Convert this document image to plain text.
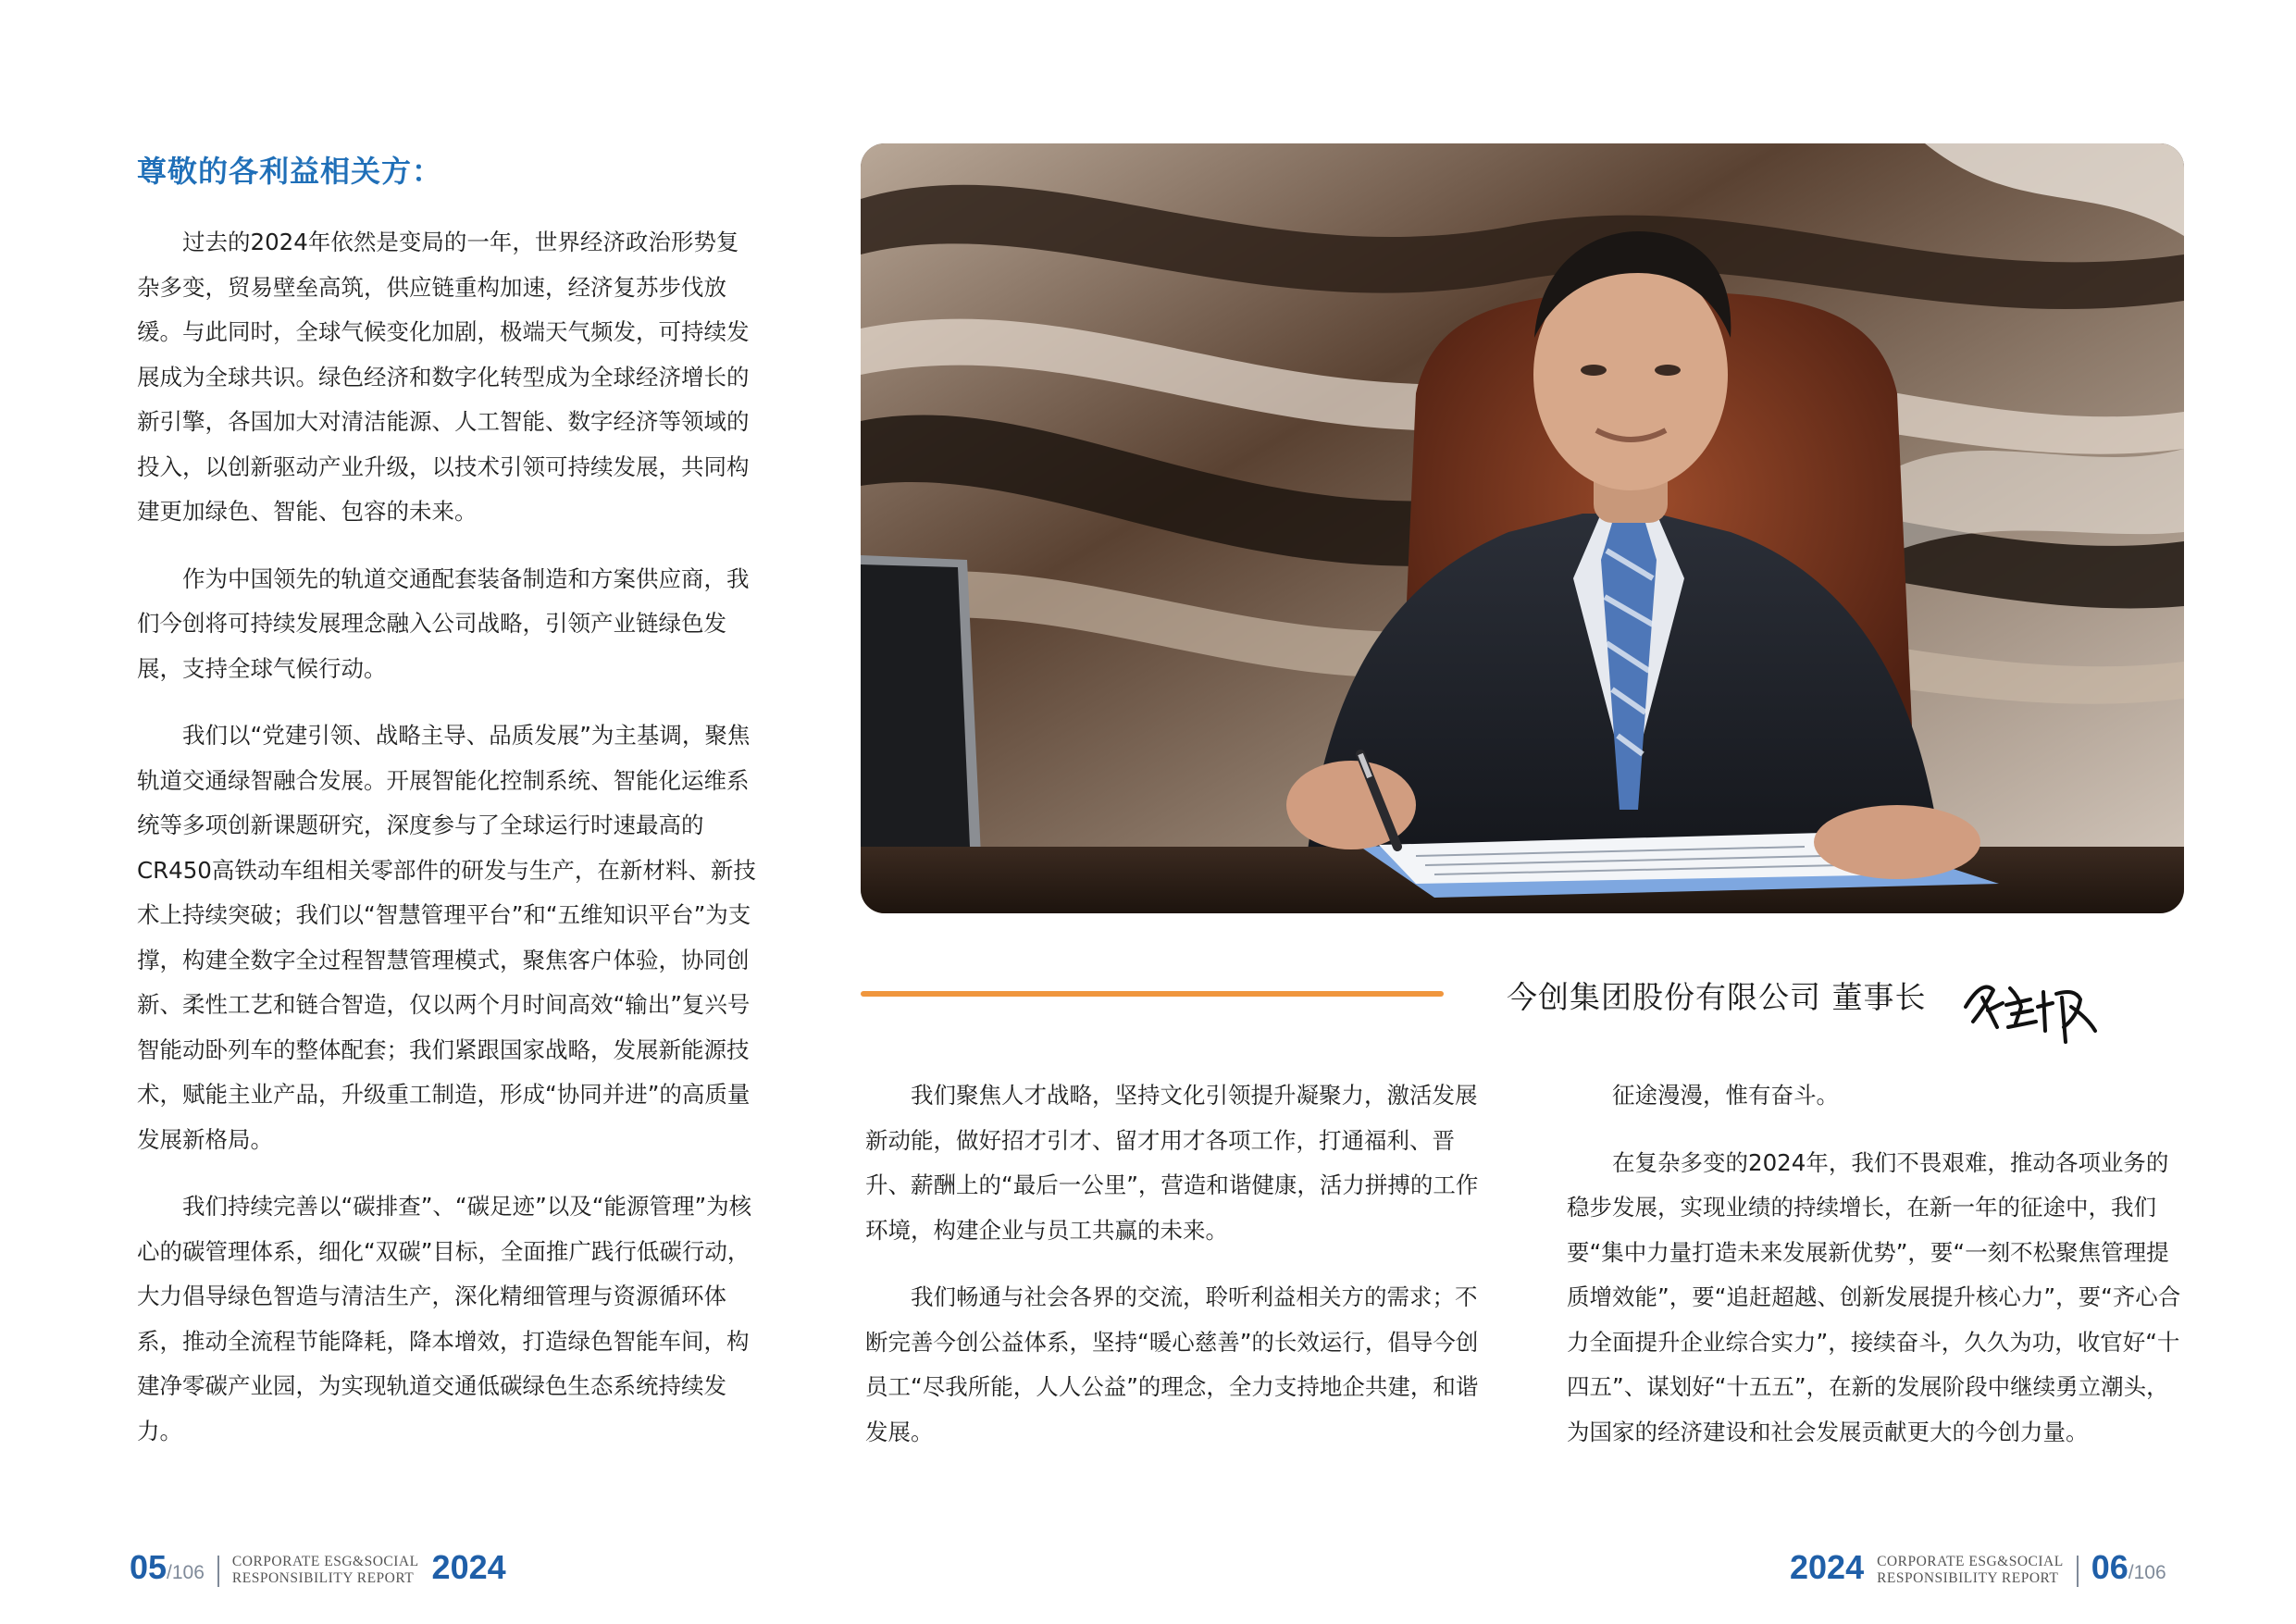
尊敬的各利益相关方：

过去的2024年依然是变局的一年，世界经济政治形势复杂多变，贸易壁垒高筑，供应链重构加速，经济复苏步伐放缓。与此同时，全球气候变化加剧，极端天气频发，可持续发展成为全球共识。绿色经济和数字化转型成为全球经济增长的新引擎，各国加大对清洁能源、人工智能、数字经济等领域的投入，以创新驱动产业升级，以技术引领可持续发展，共同构建更加绿色、智能、包容的未来。

作为中国领先的轨道交通配套装备制造和方案供应商，我们今创将可持续发展理念融入公司战略，引领产业链绿色发展，支持全球气候行动。

我们以“党建引领、战略主导、品质发展”为主基调，聚焦轨道交通绿智融合发展。开展智能化控制系统、智能化运维系统等多项创新课题研究，深度参与了全球运行时速最高的CR450高铁动车组相关零部件的研发与生产，在新材料、新技术上持续突破；我们以“智慧管理平台”和“五维知识平台”为支撑，构建全数字全过程智慧管理模式，聚焦客户体验，协同创新、柔性工艺和链合智造，仅以两个月时间高效“输出”复兴号智能动卧列车的整体配套；我们紧跟国家战略，发展新能源技术，赋能主业产品，升级重工制造，形成“协同并进”的高质量发展新格局。

我们持续完善以“碳排查”、“碳足迹”以及“能源管理”为核心的碳管理体系，细化“双碳”目标，全面推广践行低碳行动，大力倡导绿色智造与清洁生产，深化精细管理与资源循环体系，推动全流程节能降耗，降本增效，打造绿色智能车间，构建净零碳产业园，为实现轨道交通低碳绿色生态系统持续发力。

今创集团股份有限公司 董事长

我们聚焦人才战略，坚持文化引领提升凝聚力，激活发展新动能，做好招才引才、留才用才各项工作，打通福利、晋升、薪酬上的“最后一公里”，营造和谐健康，活力拼搏的工作环境，构建企业与员工共赢的未来。

我们畅通与社会各界的交流，聆听利益相关方的需求；不断完善今创公益体系，坚持“暖心慈善”的长效运行，倡导今创员工“尽我所能，人人公益”的理念，全力支持地企共建，和谐发展。

征途漫漫，惟有奋斗。

在复杂多变的2024年，我们不畏艰难，推动各项业务的稳步发展，实现业绩的持续增长，在新一年的征途中，我们要“集中力量打造未来发展新优势”，要“一刻不松聚焦管理提质增效能”，要“追赶超越、创新发展提升核心力”，要“齐心合力全面提升企业综合实力”，接续奋斗，久久为功，收官好“十四五”、谋划好“十五五”，在新的发展阶段中继续勇立潮头，为国家的经济建设和社会发展贡献更大的今创力量。

05 /106
CORPORATE ESG&SOCIAL
RESPONSIBILITY REPORT 2024	2024 CORPORATE ESG&SOCIAL
RESPONSIBILITY REPORT 06 /106
